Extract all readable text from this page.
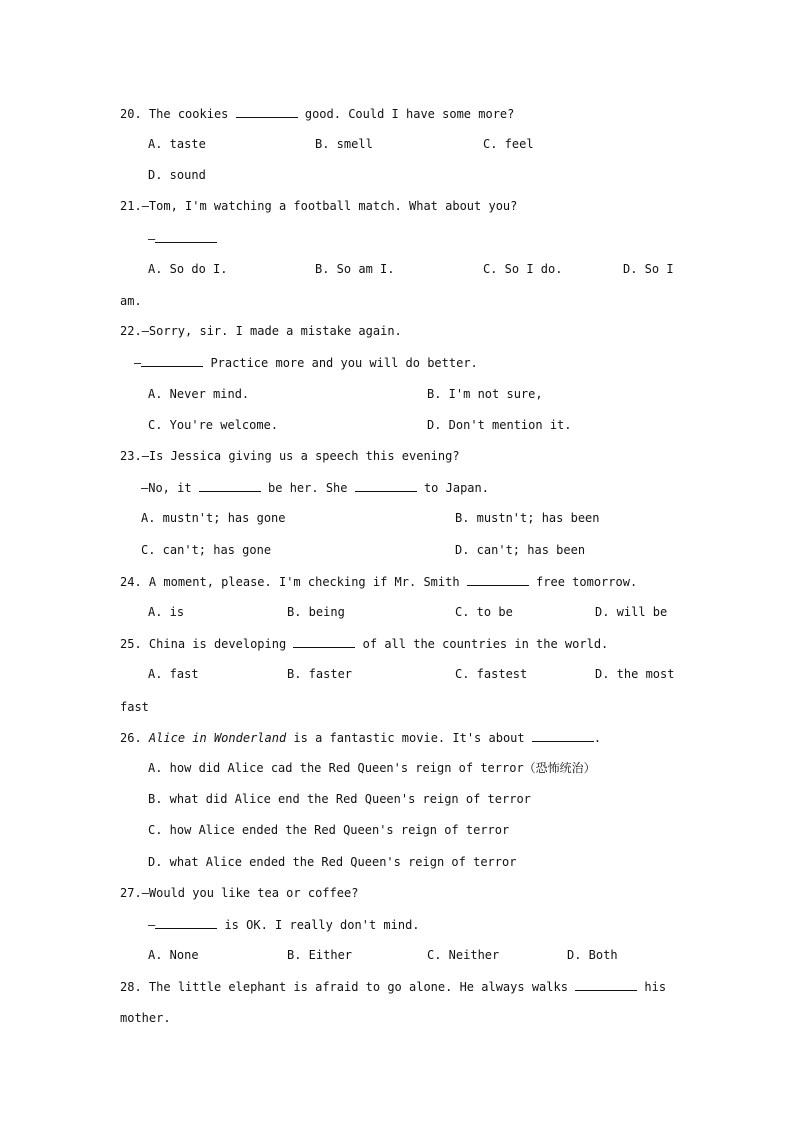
20. The cookies	good. Could I have some more?
A. taste	B. smell	C. feel
D. sound
21.—Tom, I'm watching a football match. What about you?
—
A. So do I.	B. So am I.	C. So I do.	D. So I
am.
22.—Sorry, sir. I made a mistake again.
—	Practice more and you will do better.
A. Never mind.	B. I'm not sure,
C. You're welcome.	D. Don't mention it.
23.—Is Jessica giving us a speech this evening?
—No, it	be her. She	to Japan.
A. mustn't; has gone	B. mustn't; has been
C. can't; has gone	D. can't; has been
24. A moment, please. I'm checking if Mr. Smith	free tomorrow.
A. is	B. being	C. to be	D. will be
25. China is developing	of all the countries in the world.
A. fast	B. faster	C. fastest	D. the most
fast
26. Alice in Wonderland is a fantastic movie. It's about	.
A. how did Alice cad the Red Queen's reign of terror（恐怖统治）
B. what did Alice end the Red Queen's reign of terror
C. how Alice ended the Red Queen's reign of terror
D. what Alice ended the Red Queen's reign of terror
27.—Would you like tea or coffee?
—	is OK. I really don't mind.
A. None	B. Either	C. Neither	D. Both
28. The little elephant is afraid to go alone. He always walks	his
mother.
